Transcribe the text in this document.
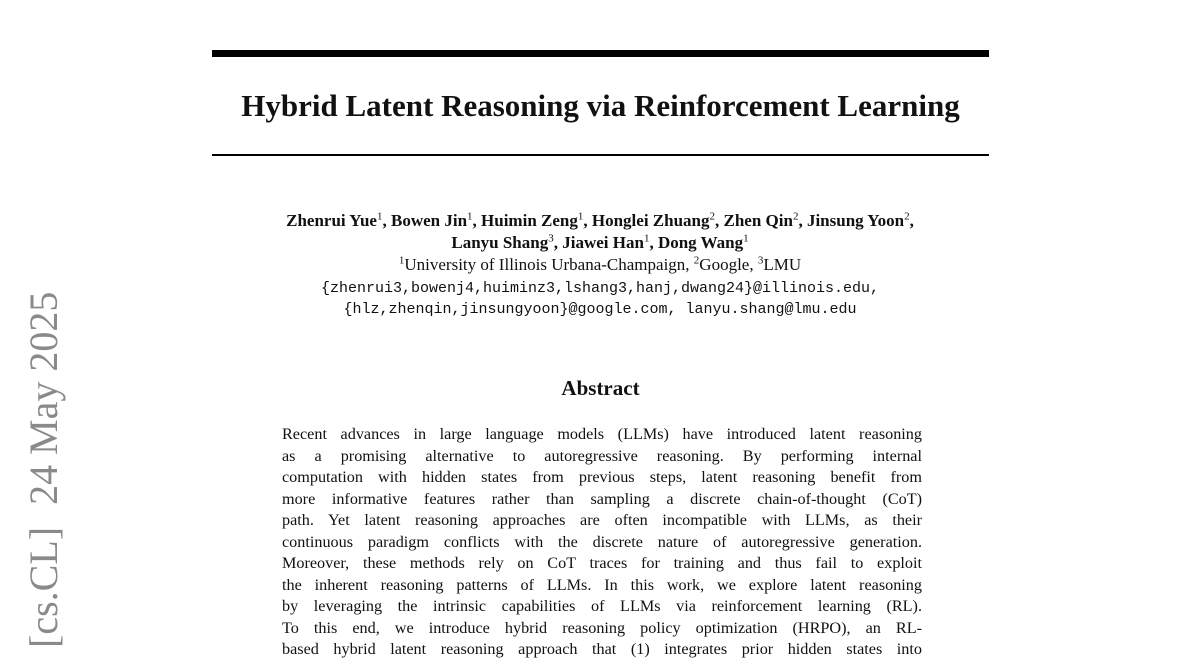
Hybrid Latent Reasoning via Reinforcement Learning
Zhenrui Yue$^1$, Bowen Jin$^1$, Huimin Zeng$^1$, Honglei Zhuang$^2$, Zhen Qin$^2$, Jinsung Yoon$^2$,
Lanyu Shang$^3$, Jiawei Han$^1$, Dong Wang$^1$
$^1$University of Illinois Urbana-Champaign, $^2$Google, $^3$LMU
{zhenrui3,bowenj4,huiminz3,lshang3,hanj,dwang24}@illinois.edu,
{hlz,zhenqin,jinsungyoon}@google.com, lanyu.shang@lmu.edu
Abstract
Recent advances in large language models (LLMs) have introduced latent reasoning
as a promising alternative to autoregressive reasoning. By performing internal
computation with hidden states from previous steps, latent reasoning benefit from
more informative features rather than sampling a discrete chain-of-thought (CoT)
path. Yet latent reasoning approaches are often incompatible with LLMs, as their
continuous paradigm conflicts with the discrete nature of autoregressive generation.
Moreover, these methods rely on CoT traces for training and thus fail to exploit
the inherent reasoning patterns of LLMs. In this work, we explore latent reasoning
by leveraging the intrinsic capabilities of LLMs via reinforcement learning (RL).
To this end, we introduce hybrid reasoning policy optimization (HRPO), an RL-
based hybrid latent reasoning approach that (1) integrates prior hidden states into
[cs.CL]24 May 2025
